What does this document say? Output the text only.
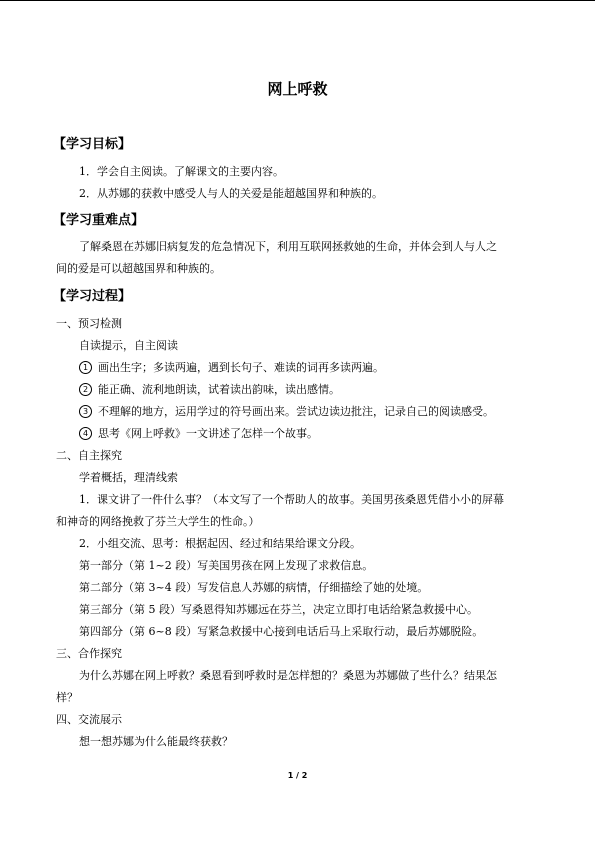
网上呼救
【学习目标】
1．学会自主阅读。了解课文的主要内容。
2．从苏娜的获救中感受人与人的关爱是能超越国界和种族的。
【学习重难点】
了解桑恩在苏娜旧病复发的危急情况下，利用互联网拯救她的生命，并体会到人与人之
间的爱是可以超越国界和种族的。
【学习过程】
一、预习检测
自读提示，自主阅读
1 画出生字；多读两遍，遇到长句子、难读的词再多读两遍。
2 能正确、流利地朗读，试着读出韵味，读出感情。
3 不理解的地方，运用学过的符号画出来。尝试边读边批注，记录自己的阅读感受。
4 思考《网上呼救》一文讲述了怎样一个故事。
二、自主探究
学着概括，理清线索
1．课文讲了一件什么事？（本文写了一个帮助人的故事。美国男孩桑恩凭借小小的屏幕
和神奇的网络挽救了芬兰大学生的性命。）
2．小组交流、思考：根据起因、经过和结果给课文分段。
第一部分（第 1~2 段）写美国男孩在网上发现了求救信息。
第二部分（第 3~4 段）写发信息人苏娜的病情，仔细描绘了她的处境。
第三部分（第 5 段）写桑恩得知苏娜远在芬兰，决定立即打电话给紧急救援中心。
第四部分（第 6~8 段）写紧急救援中心接到电话后马上采取行动，最后苏娜脱险。
三、合作探究
为什么苏娜在网上呼救？桑恩看到呼救时是怎样想的？桑恩为苏娜做了些什么？结果怎
样？
四、交流展示
想一想苏娜为什么能最终获救？
1 / 2
